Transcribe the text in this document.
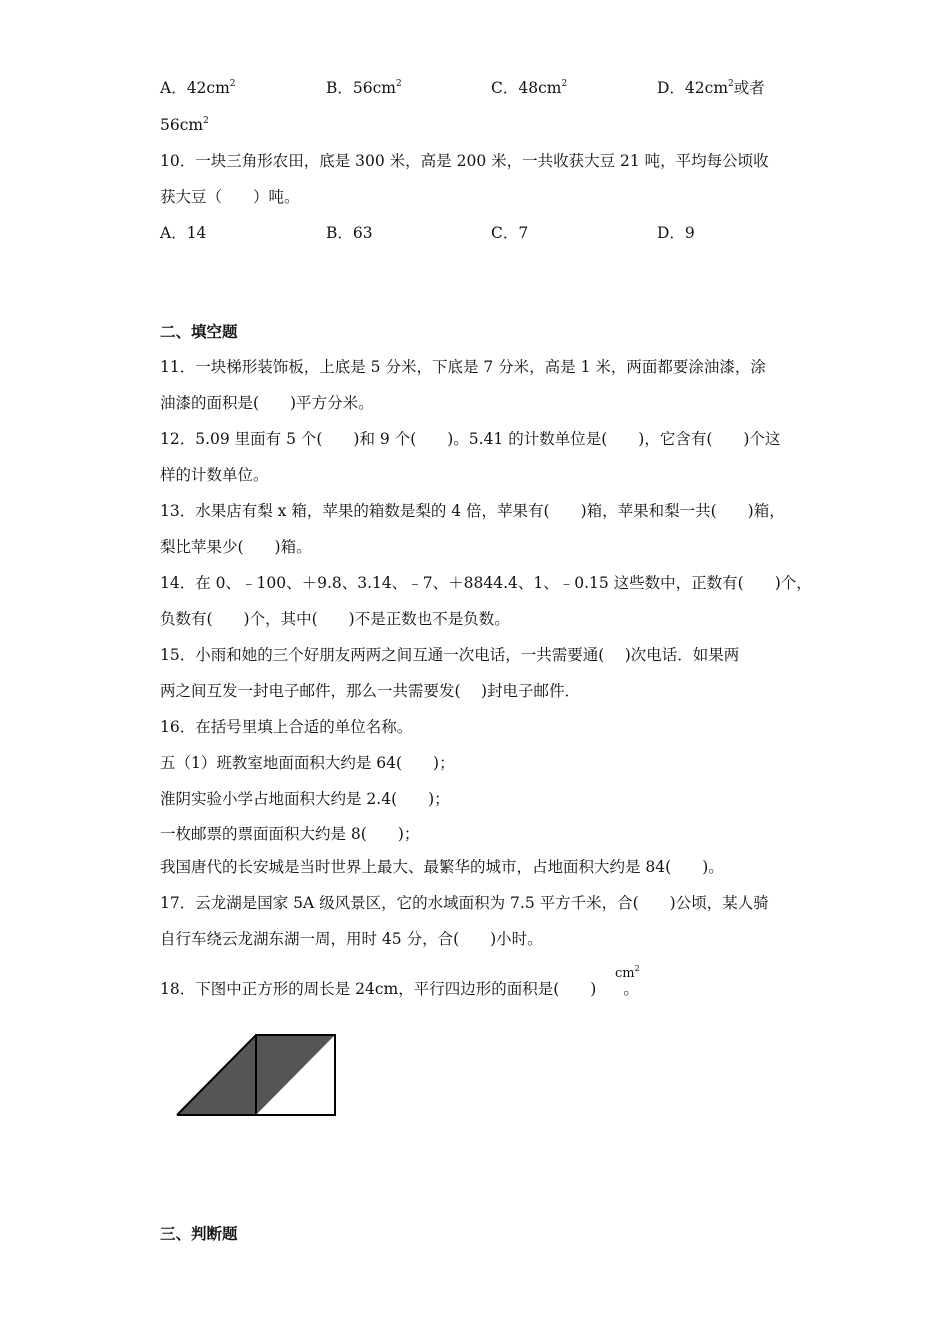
A．$42cm^2$	B．$56cm^2$	C．$48cm^2$	D．$42cm^2$或者
$56cm^2$
10．一块三角形农田，底是 300 米，高是 200 米，一共收获大豆 21 吨，平均每公顷收
获大豆（　　）吨。
A．14	B．63	C．7	D．9
二、填空题
11．一块梯形装饰板，上底是 5 分米，下底是 7 分米，高是 1 米，两面都要涂油漆，涂
油漆的面积是(　　)平方分米。
12．5.09 里面有 5 个(　　)和 9 个(　　)。5.41 的计数单位是(　　)，它含有(　　)个这
样的计数单位。
13．水果店有梨 x 箱，苹果的箱数是梨的 4 倍，苹果有(　　)箱，苹果和梨一共(　　)箱，
梨比苹果少(　　)箱。
14．在 0、﹣100、＋9.8、3.14、﹣7、＋8844.4、1、﹣0.15 这些数中，正数有(　　)个，
负数有(　　)个，其中(　　)不是正数也不是负数。
15．小雨和她的三个好朋友两两之间互通一次电话，一共需要通(　 )次电话．如果两
两之间互发一封电子邮件，那么一共需要发(　 )封电子邮件．
16．在括号里填上合适的单位名称。
五（1）班教室地面面积大约是 64(　　)；
淮阴实验小学占地面积大约是 2.4(　　)；
一枚邮票的票面面积大约是 8(　　)；
我国唐代的长安城是当时世界上最大、最繁华的城市，占地面积大约是 84(　　)。
17．云龙湖是国家 5A 级风景区，它的水域面积为 7.5 平方千米，合(　　)公顷，某人骑
自行车绕云龙湖东湖一周，用时 45 分，合(　　)小时。
18．下图中正方形的周长是 24cm，平行四边形的面积是(　　) 。
$cm^2$
三、判断题
